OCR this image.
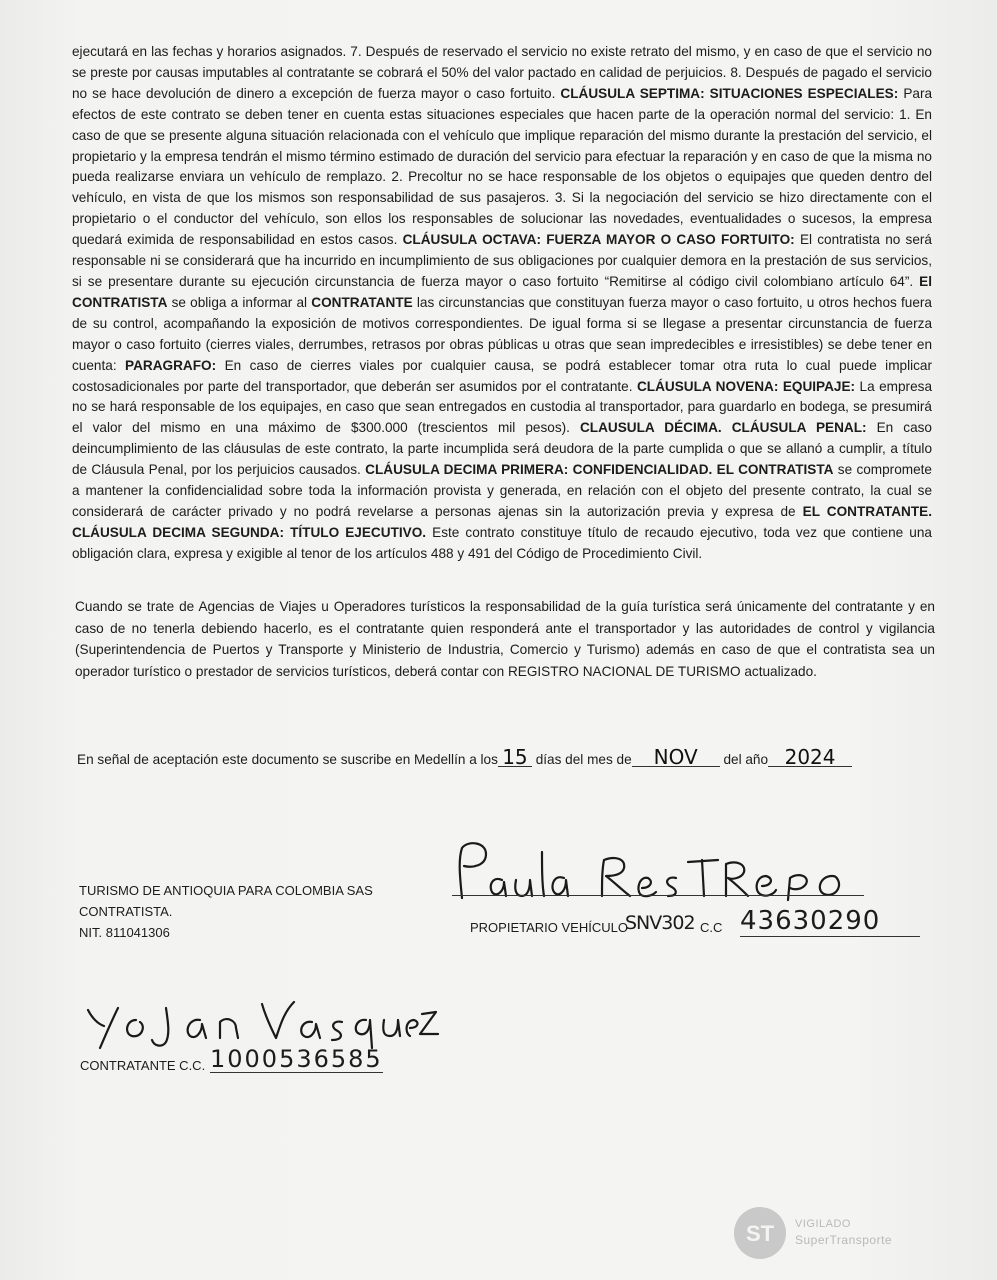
ejecutará en las fechas y horarios asignados. 7. Después de reservado el servicio no existe retrato del mismo, y en caso de que el servicio no se preste por causas imputables al contratante se cobrará el 50% del valor pactado en calidad de perjuicios. 8. Después de pagado el servicio no se hace devolución de dinero a excepción de fuerza mayor o caso fortuito. CLÁUSULA SEPTIMA: SITUACIONES ESPECIALES: Para efectos de este contrato se deben tener en cuenta estas situaciones especiales que hacen parte de la operación normal del servicio: 1. En caso de que se presente alguna situación relacionada con el vehículo que implique reparación del mismo durante la prestación del servicio, el propietario y la empresa tendrán el mismo término estimado de duración del servicio para efectuar la reparación y en caso de que la misma no pueda realizarse enviara un vehículo de remplazo. 2. Precoltur no se hace responsable de los objetos o equipajes que queden dentro del vehículo, en vista de que los mismos son responsabilidad de sus pasajeros. 3. Si la negociación del servicio se hizo directamente con el propietario o el conductor del vehículo, son ellos los responsables de solucionar las novedades, eventualidades o sucesos, la empresa quedará eximida de responsabilidad en estos casos. CLÁUSULA OCTAVA: FUERZA MAYOR O CASO FORTUITO: El contratista no será responsable ni se considerará que ha incurrido en incumplimiento de sus obligaciones por cualquier demora en la prestación de sus servicios, si se presentare durante su ejecución circunstancia de fuerza mayor o caso fortuito “Remitirse al código civil colombiano artículo 64”. El CONTRATISTA se obliga a informar al CONTRATANTE las circunstancias que constituyan fuerza mayor o caso fortuito, u otros hechos fuera de su control, acompañando la exposición de motivos correspondientes. De igual forma si se llegase a presentar circunstancia de fuerza mayor o caso fortuito (cierres viales, derrumbes, retrasos por obras públicas u otras que sean impredecibles e irresistibles) se debe tener en cuenta: PARAGRAFO: En caso de cierres viales por cualquier causa, se podrá establecer tomar otra ruta lo cual puede implicar costosadicionales por parte del transportador, que deberán ser asumidos por el contratante. CLÁUSULA NOVENA: EQUIPAJE: La empresa no se hará responsable de los equipajes, en caso que sean entregados en custodia al transportador, para guardarlo en bodega, se presumirá el valor del mismo en una máximo de $300.000 (trescientos mil pesos). CLAUSULA DÉCIMA. CLÁUSULA PENAL: En caso deincumplimiento de las cláusulas de este contrato, la parte incumplida será deudora de la parte cumplida o que se allanó a cumplir, a título de Cláusula Penal, por los perjuicios causados. CLÁUSULA DECIMA PRIMERA: CONFIDENCIALIDAD. EL CONTRATISTA se compromete a mantener la confidencialidad sobre toda la información provista y generada, en relación con el objeto del presente contrato, la cual se considerará de carácter privado y no podrá revelarse a personas ajenas sin la autorización previa y expresa de EL CONTRATANTE. CLÁUSULA DECIMA SEGUNDA: TÍTULO EJECUTIVO. Este contrato constituye título de recaudo ejecutivo, toda vez que contiene una obligación clara, expresa y exigible al tenor de los artículos 488 y 491 del Código de Procedimiento Civil.

Cuando se trate de Agencias de Viajes u Operadores turísticos la responsabilidad de la guía turística será únicamente del contratante y en caso de no tenerla debiendo hacerlo, es el contratante quien responderá ante el transportador y las autoridades de control y vigilancia (Superintendencia de Puertos y Transporte y Ministerio de Industria, Comercio y Turismo) además en caso de que el contratista sea un operador turístico o prestador de servicios turísticos, deberá contar con REGISTRO NACIONAL DE TURISMO actualizado.

En señal de aceptación este documento se suscribe en Medellín a los 15 días del mes de NOV del año 2024
TURISMO DE ANTIOQUIA PARA COLOMBIA SAS
CONTRATISTA.
NIT. 811041306	PROPIETARIO VEHÍCULO
SNV302 C.C 43630290
CONTRATANTE C.C. 1000536585
ST VIGILADO
SuperTransporte
